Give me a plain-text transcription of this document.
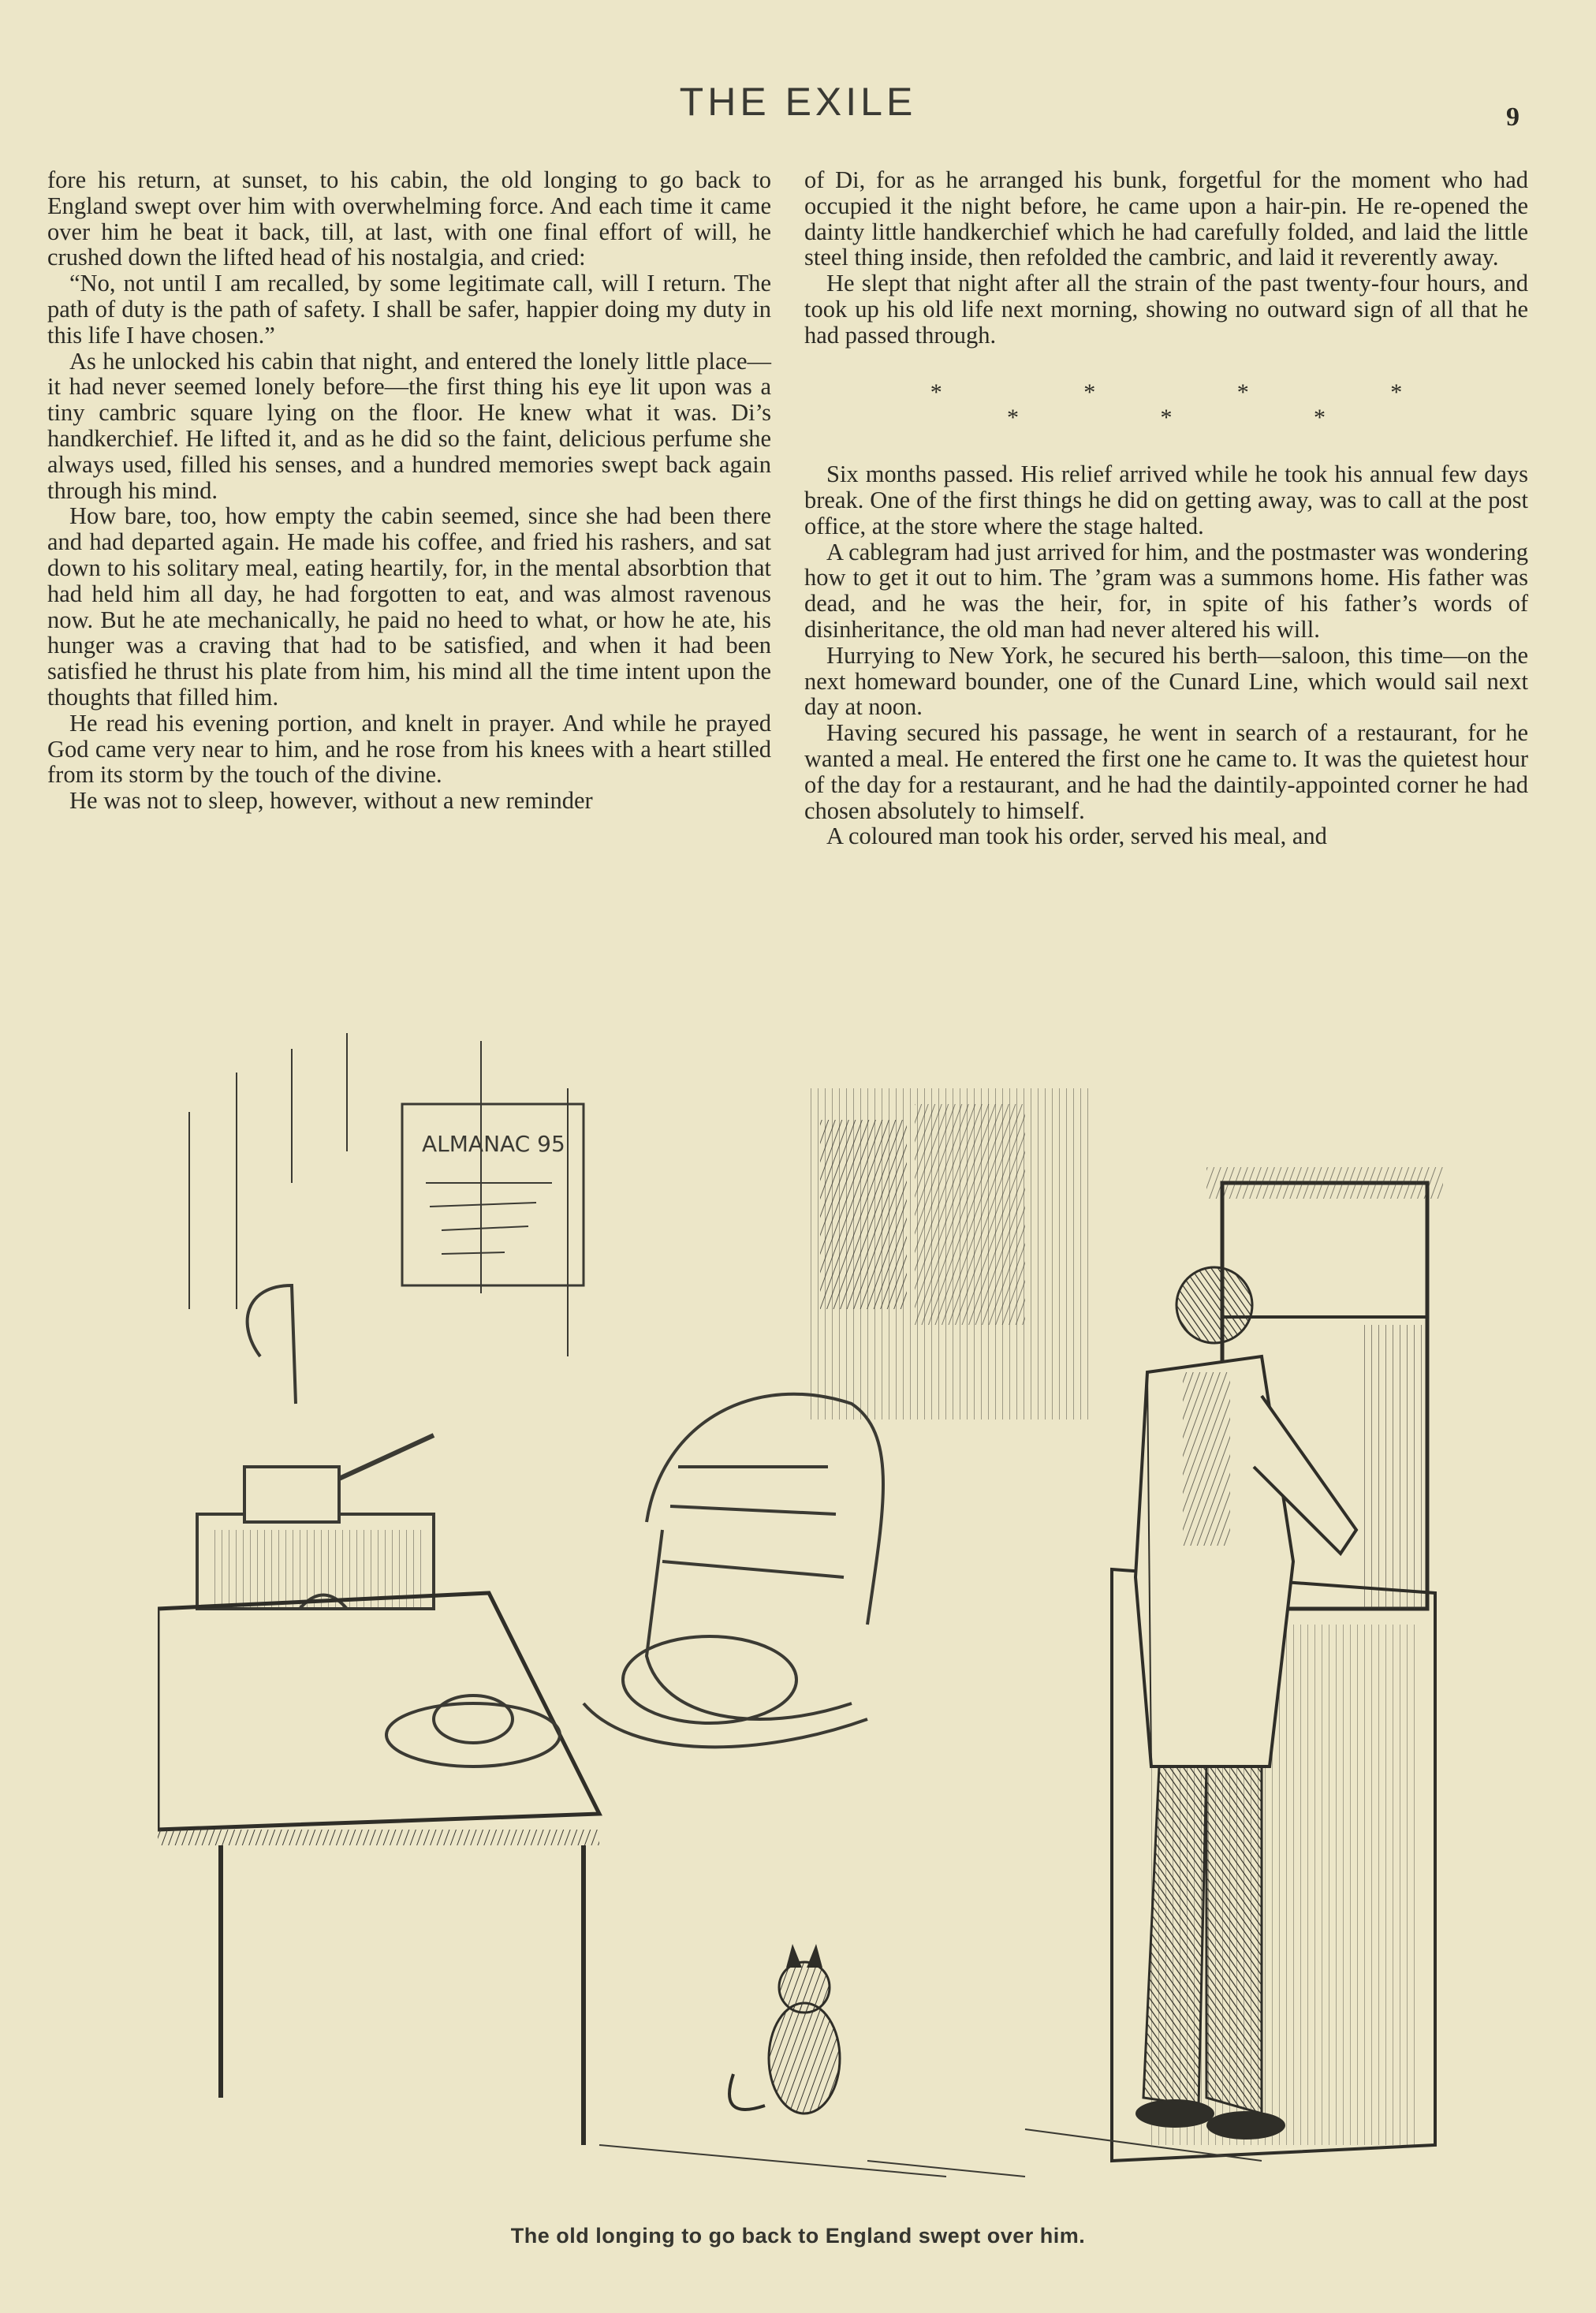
THE EXILE	9

fore his return, at sunset, to his cabin, the old longing to go back to England swept over him with overwhelming force. And each time it came over him he beat it back, till, at last, with one final effort of will, he crushed down the lifted head of his nostalgia, and cried:

“No, not until I am recalled, by some legitimate call, will I return. The path of duty is the path of safety. I shall be safer, happier doing my duty in this life I have chosen.”

As he unlocked his cabin that night, and entered the lonely little place—it had never seemed lonely before—the first thing his eye lit upon was a tiny cambric square lying on the floor. He knew what it was. Di’s handkerchief. He lifted it, and as he did so the faint, delicious perfume she always used, filled his senses, and a hundred memories swept back again through his mind.

How bare, too, how empty the cabin seemed, since she had been there and had departed again. He made his coffee, and fried his rashers, and sat down to his solitary meal, eating heartily, for, in the mental absorbtion that had held him all day, he had forgotten to eat, and was almost ravenous now. But he ate mechanically, he paid no heed to what, or how he ate, his hunger was a craving that had to be satisfied, and when it had been satisfied he thrust his plate from him, his mind all the time intent upon the thoughts that filled him.

He read his evening portion, and knelt in prayer. And while he prayed God came very near to him, and he rose from his knees with a heart stilled from its storm by the touch of the divine.

He was not to sleep, however, without a new reminder

of Di, for as he arranged his bunk, forgetful for the moment who had occupied it the night before, he came upon a hair-pin. He re-opened the dainty little handkerchief which he had carefully folded, and laid the little steel thing inside, then refolded the cambric, and laid it reverently away.

He slept that night after all the strain of the past twenty-four hours, and took up his old life next morning, showing no outward sign of all that he had passed through.

* * * * * * *

Six months passed. His relief arrived while he took his annual few days break. One of the first things he did on getting away, was to call at the post office, at the store where the stage halted.

A cablegram had just arrived for him, and the postmaster was wondering how to get it out to him. The ’gram was a summons home. His father was dead, and he was the heir, for, in spite of his father’s words of disinheritance, the old man had never altered his will.

Hurrying to New York, he secured his berth—saloon, this time—on the next homeward bounder, one of the Cunard Line, which would sail next day at noon.

Having secured his passage, he went in search of a restaurant, for he wanted a meal. He entered the first one he came to. It was the quietest hour of the day for a restaurant, and he had the daintily-appointed corner he had chosen absolutely to himself.

A coloured man took his order, served his meal, and

ALMANAC 95
The old longing to go back to England swept over him.
